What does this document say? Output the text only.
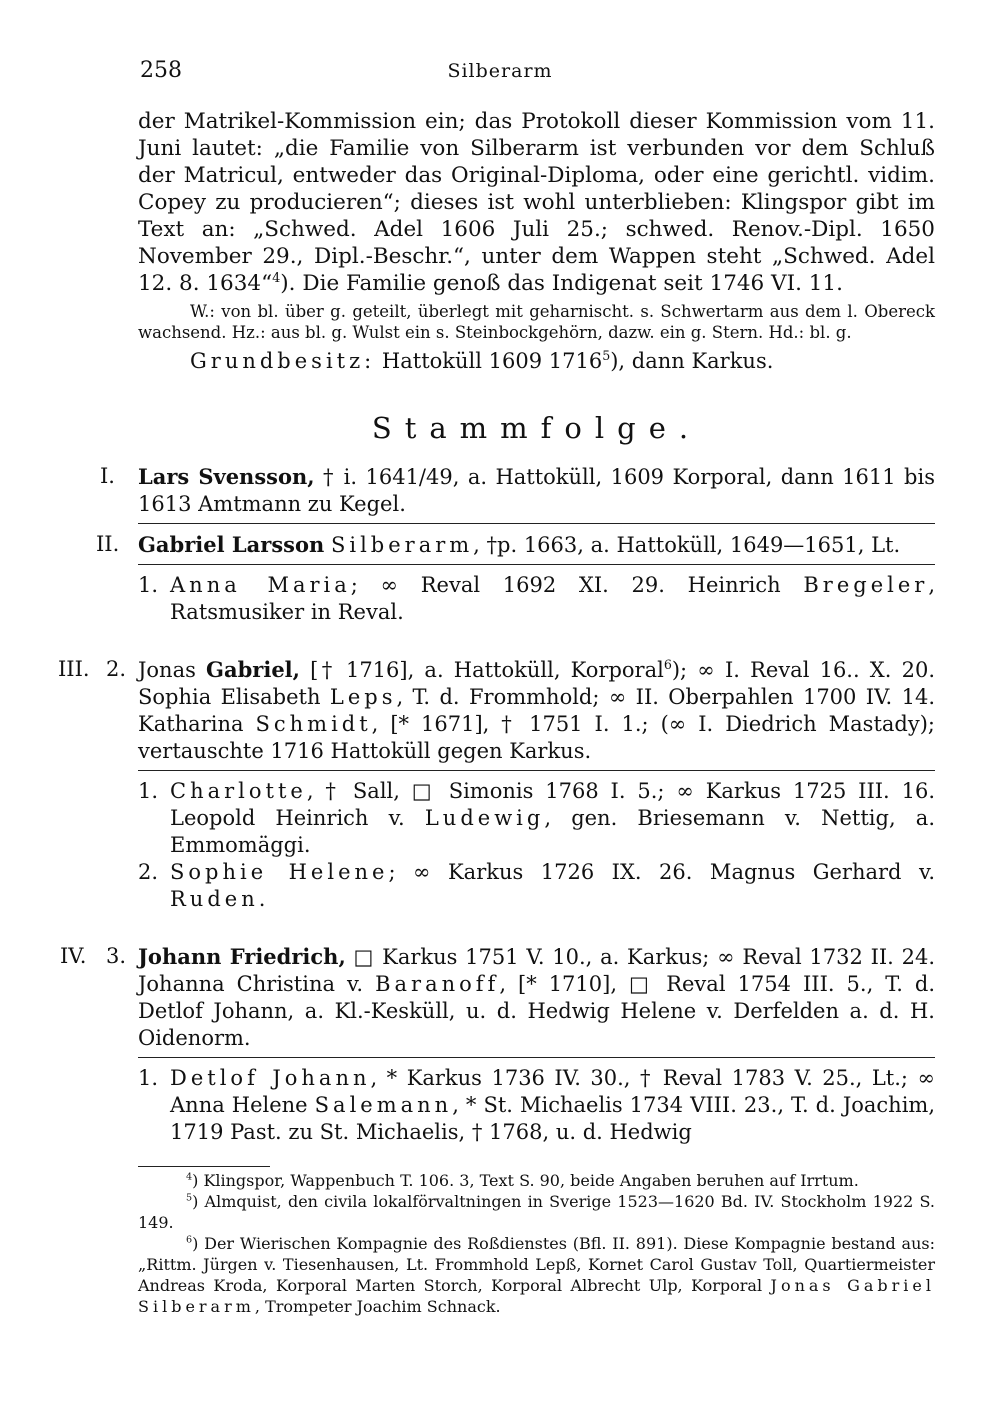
258	Silberarm
der Matrikel-Kommission ein; das Protokoll dieser Kommission vom 11. Juni lautet: „die Familie von Silberarm ist verbunden vor dem Schluß der Matricul, entweder das Original-Diploma, oder eine gerichtl. vidim. Copey zu producieren“; dieses ist wohl unterblieben: Klingspor gibt im Text an: „Schwed. Adel 1606 Juli 25.; schwed. Renov.-Dipl. 1650 November 29., Dipl.-Beschr.“, unter dem Wappen steht „Schwed. Adel 12. 8. 1634“$^4$). Die Familie genoß das Indigenat seit 1746 VI. 11.
W.: von bl. über g. geteilt, überlegt mit geharnischt. s. Schwertarm aus dem l. Obereck wachsend. Hz.: aus bl. g. Wulst ein s. Steinbockgehörn, dazw. ein g. Stern. Hd.: bl. g.
Grundbesitz: Hattoküll 1609 1716$^5$), dann Karkus.
Stammfolge.
I. Lars Svensson, † i. 1641/49, a. Hattoküll, 1609 Korporal, dann 1611 bis 1613 Amtmann zu Kegel.
II. Gabriel Larsson Silberarm, †p. 1663, a. Hattoküll, 1649—1651, Lt.
1. Anna Maria; ∞ Reval 1692 XI. 29. Heinrich Bregeler, Ratsmusiker in Reval.
III. 2. Jonas Gabriel, [† 1716], a. Hattoküll, Korporal$^6$); ∞ I. Reval 16.. X. 20. Sophia Elisabeth Leps, T. d. Frommhold; ∞ II. Oberpahlen 1700 IV. 14. Katharina Schmidt, [* 1671], † 1751 I. 1.; (∞ I. Diedrich Mastady); vertauschte 1716 Hattoküll gegen Karkus.
1. Charlotte, † Sall, □ Simonis 1768 I. 5.; ∞ Karkus 1725 III. 16. Leopold Heinrich v. Ludewig, gen. Briesemann v. Nettig, a. Emmomäggi.
2. Sophie Helene; ∞ Karkus 1726 IX. 26. Magnus Gerhard v. Ruden.
IV. 3. Johann Friedrich, □ Karkus 1751 V. 10., a. Karkus; ∞ Reval 1732 II. 24. Johanna Christina v. Baranoff, [* 1710], □ Reval 1754 III. 5., T. d. Detlof Johann, a. Kl.-Kesküll, u. d. Hedwig Helene v. Derfelden a. d. H. Oidenorm.
1. Detlof Johann, * Karkus 1736 IV. 30., † Reval 1783 V. 25., Lt.; ∞ Anna Helene Salemann, * St. Michaelis 1734 VIII. 23., T. d. Joachim, 1719 Past. zu St. Michaelis, † 1768, u. d. Hedwig
$^4$) Klingspor, Wappenbuch T. 106. 3, Text S. 90, beide Angaben beruhen auf Irrtum.
$^5$) Almquist, den civila lokalförvaltningen in Sverige 1523—1620 Bd. IV. Stockholm 1922 S. 149.
$^6$) Der Wierischen Kompagnie des Roßdienstes (Bfl. II. 891). Diese Kompagnie bestand aus: „Rittm. Jürgen v. Tiesenhausen, Lt. Frommhold Lepß, Kornet Carol Gustav Toll, Quartiermeister Andreas Kroda, Korporal Marten Storch, Korporal Albrecht Ulp, Korporal Jonas Gabriel Silberarm, Trompeter Joachim Schnack.
